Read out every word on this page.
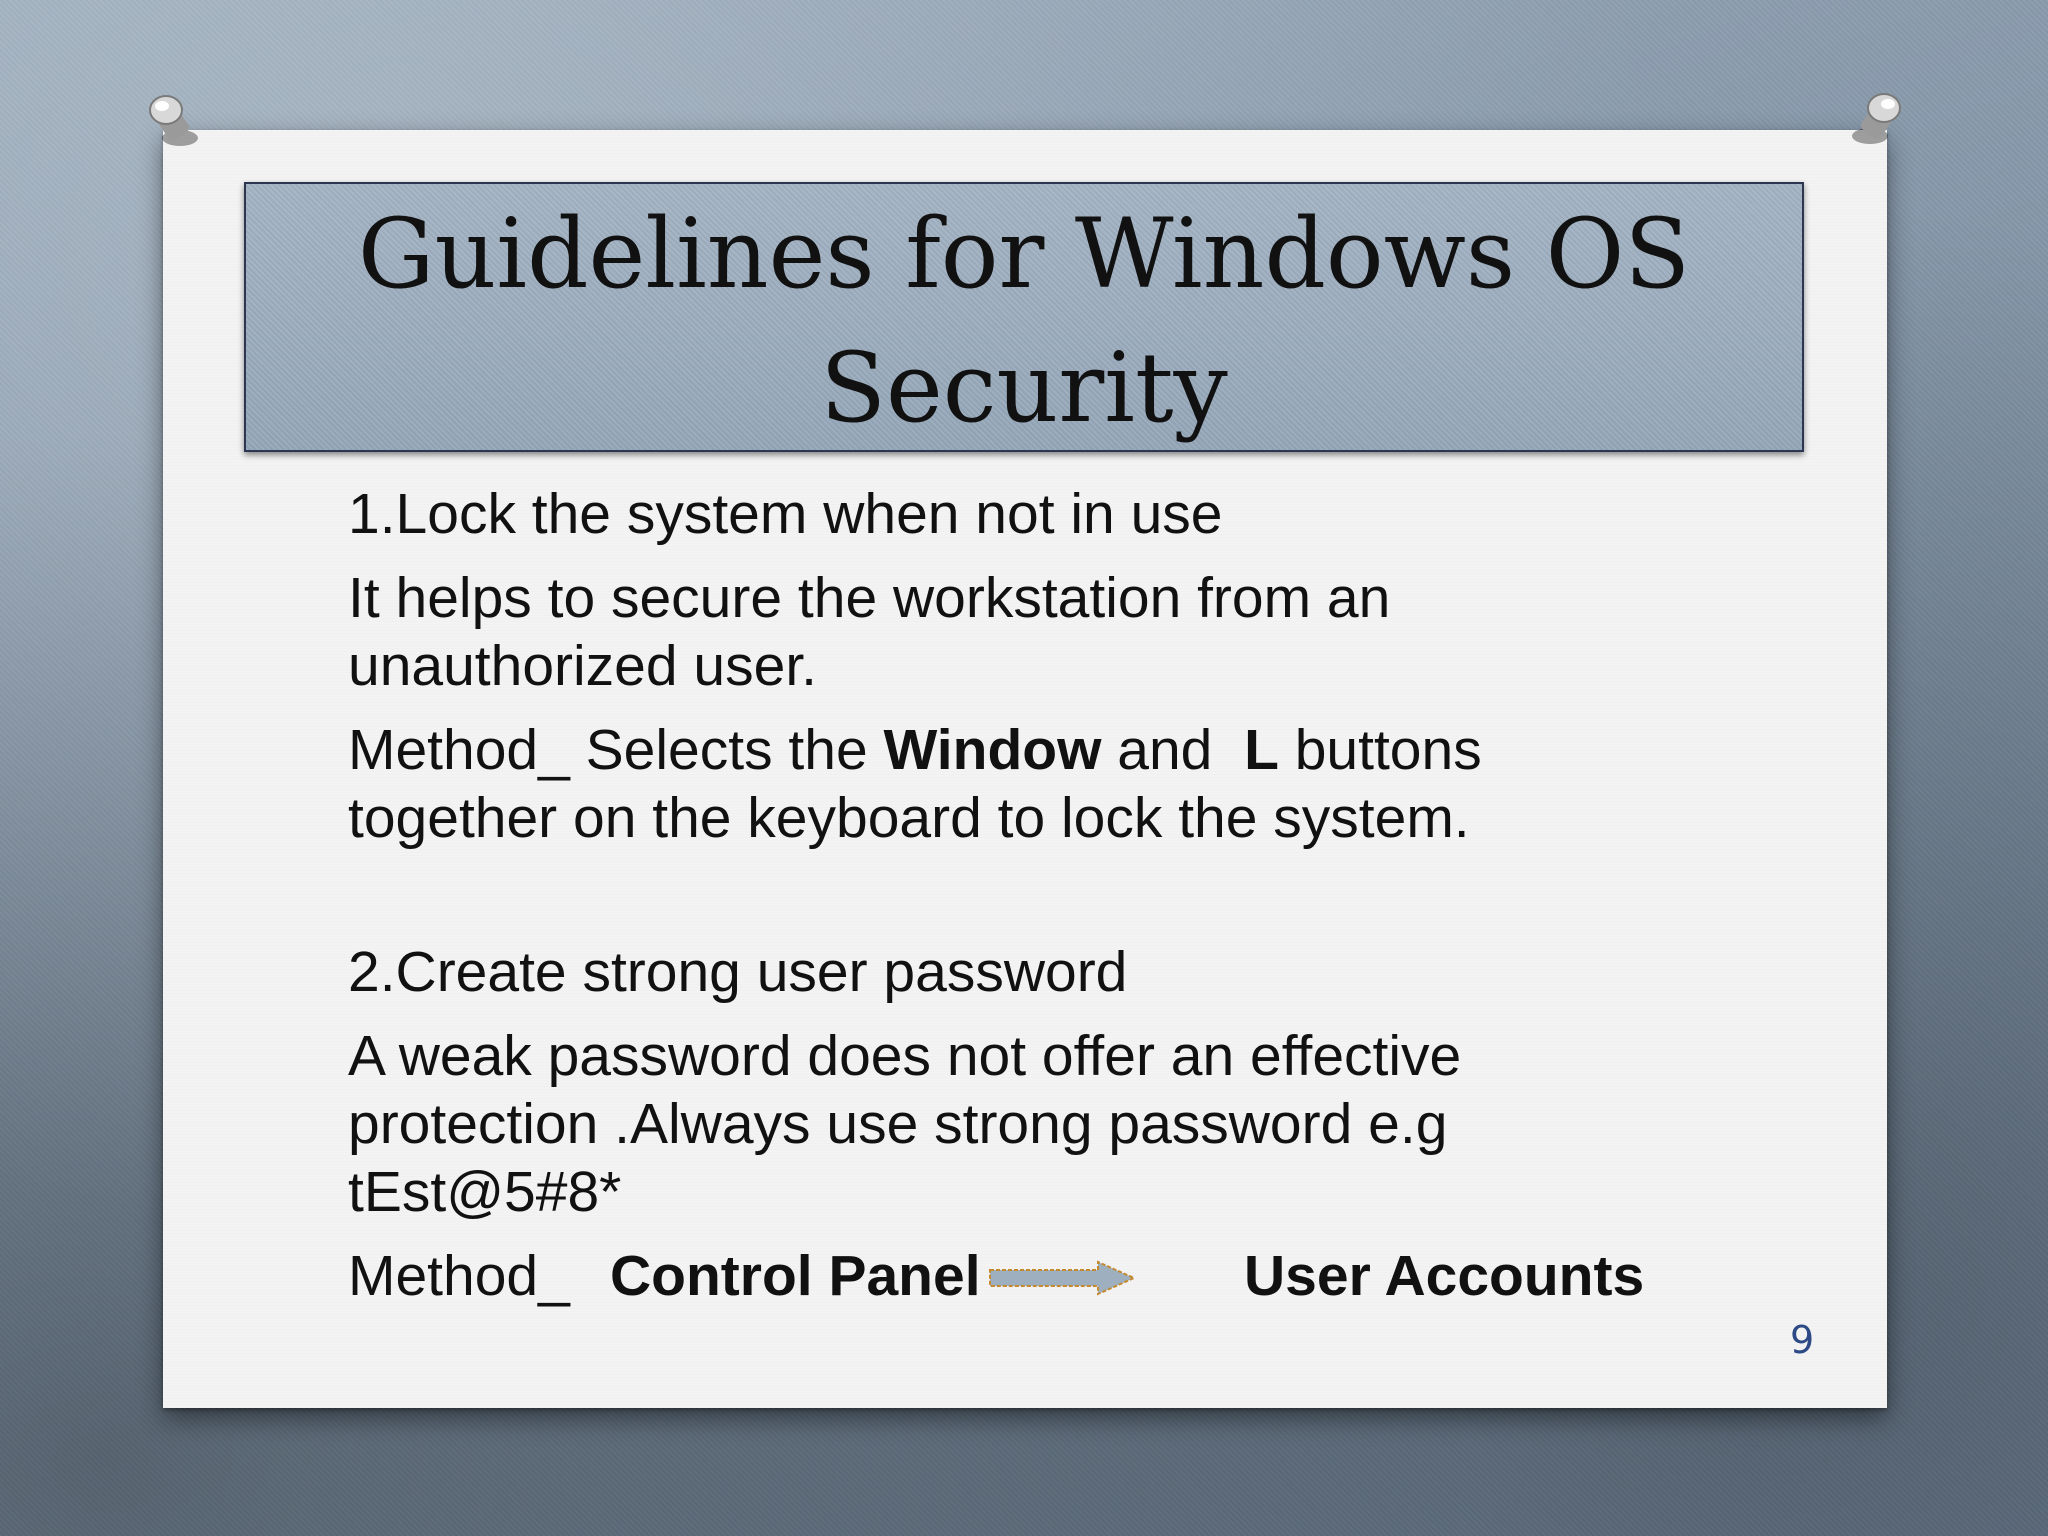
Guidelines for Windows OS
Security

1.Lock the system when not in use

It helps to secure the workstation from an unauthorized user.

Method_ Selects the Window and  L buttons together on the keyboard to lock the system.

2.Create strong user password

A weak password does not offer an effective protection .Always use strong password e.g tEst@5#8*

Method_ Control Panel	User Accounts
9
